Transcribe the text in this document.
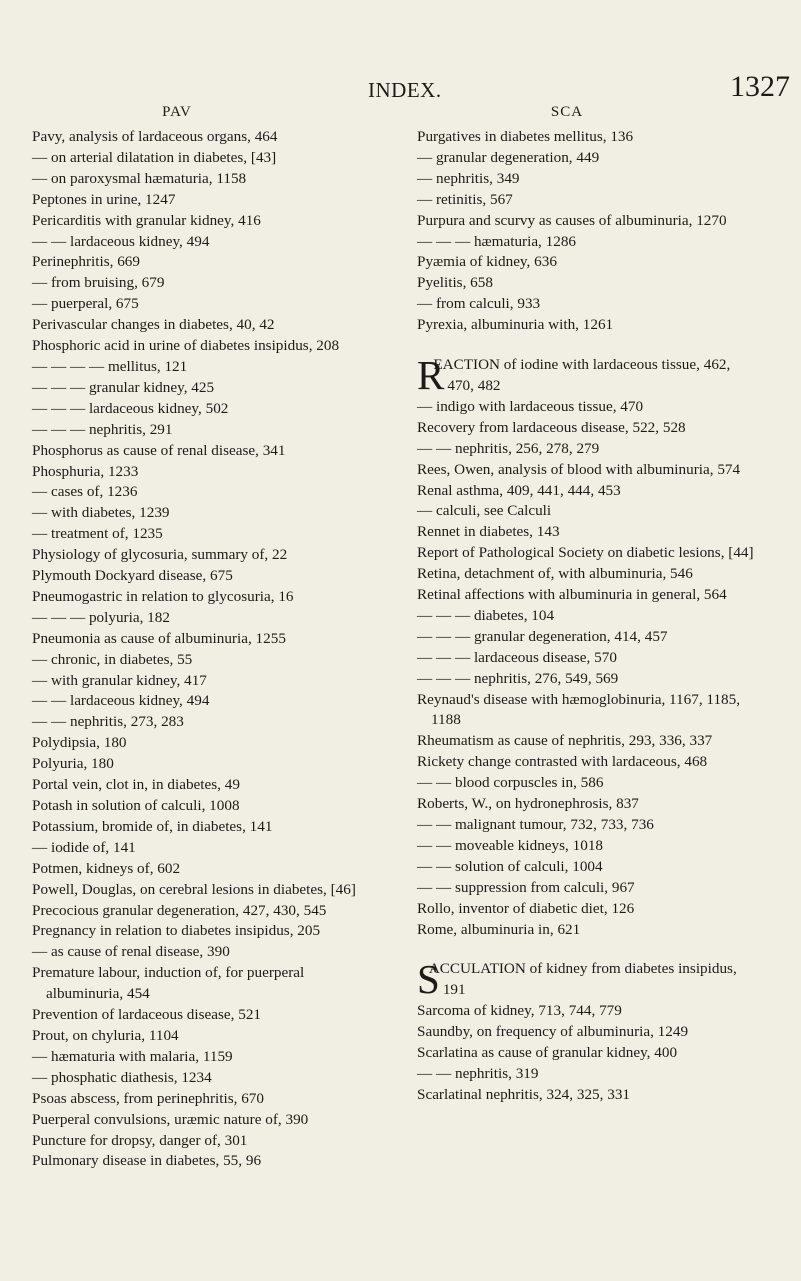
INDEX.	1327
PAV
Pavy, analysis of lardaceous organs, 464
— on arterial dilatation in diabetes, [43]
— on paroxysmal hæmaturia, 1158
Peptones in urine, 1247
Pericarditis with granular kidney, 416
— — lardaceous kidney, 494
Perinephritis, 669
— from bruising, 679
— puerperal, 675
Perivascular changes in diabetes, 40, 42
Phosphoric acid in urine of diabetes insipidus, 208
— — — — mellitus, 121
— — — granular kidney, 425
— — — lardaceous kidney, 502
— — — nephritis, 291
Phosphorus as cause of renal disease, 341
Phosphuria, 1233
— cases of, 1236
— with diabetes, 1239
— treatment of, 1235
Physiology of glycosuria, summary of, 22
Plymouth Dockyard disease, 675
Pneumogastric in relation to glycosuria, 16
— — — polyuria, 182
Pneumonia as cause of albuminuria, 1255
— chronic, in diabetes, 55
— with granular kidney, 417
— — lardaceous kidney, 494
— — nephritis, 273, 283
Polydipsia, 180
Polyuria, 180
Portal vein, clot in, in diabetes, 49
Potash in solution of calculi, 1008
Potassium, bromide of, in diabetes, 141
— iodide of, 141
Potmen, kidneys of, 602
Powell, Douglas, on cerebral lesions in diabetes, [46]
Precocious granular degeneration, 427, 430, 545
Pregnancy in relation to diabetes insipidus, 205
— as cause of renal disease, 390
Premature labour, induction of, for puerperal albuminuria, 454
Prevention of lardaceous disease, 521
Prout, on chyluria, 1104
— hæmaturia with malaria, 1159
— phosphatic diathesis, 1234
Psoas abscess, from perinephritis, 670
Puerperal convulsions, uræmic nature of, 390
Puncture for dropsy, danger of, 301
Pulmonary disease in diabetes, 55, 96
SCA
Purgatives in diabetes mellitus, 136
— granular degeneration, 449
— nephritis, 349
— retinitis, 567
Purpura and scurvy as causes of albuminuria, 1270
— — — hæmaturia, 1286
Pyæmia of kidney, 636
Pyelitis, 658
— from calculi, 933
Pyrexia, albuminuria with, 1261
R
EACTION of iodine with lardaceous tissue, 462, 470, 482
— indigo with lardaceous tissue, 470
Recovery from lardaceous disease, 522, 528
— — nephritis, 256, 278, 279
Rees, Owen, analysis of blood with albuminuria, 574
Renal asthma, 409, 441, 444, 453
— calculi, see Calculi
Rennet in diabetes, 143
Report of Pathological Society on diabetic lesions, [44]
Retina, detachment of, with albuminuria, 546
Retinal affections with albuminuria in general, 564
— — — diabetes, 104
— — — granular degeneration, 414, 457
— — — lardaceous disease, 570
— — — nephritis, 276, 549, 569
Reynaud's disease with hæmoglobinuria, 1167, 1185, 1188
Rheumatism as cause of nephritis, 293, 336, 337
Rickety change contrasted with lardaceous, 468
— — blood corpuscles in, 586
Roberts, W., on hydronephrosis, 837
— — malignant tumour, 732, 733, 736
— — moveable kidneys, 1018
— — solution of calculi, 1004
— — suppression from calculi, 967
Rollo, inventor of diabetic diet, 126
Rome, albuminuria in, 621
S
ACCULATION of kidney from diabetes insipidus, 191
Sarcoma of kidney, 713, 744, 779
Saundby, on frequency of albuminuria, 1249
Scarlatina as cause of granular kidney, 400
— — nephritis, 319
Scarlatinal nephritis, 324, 325, 331
